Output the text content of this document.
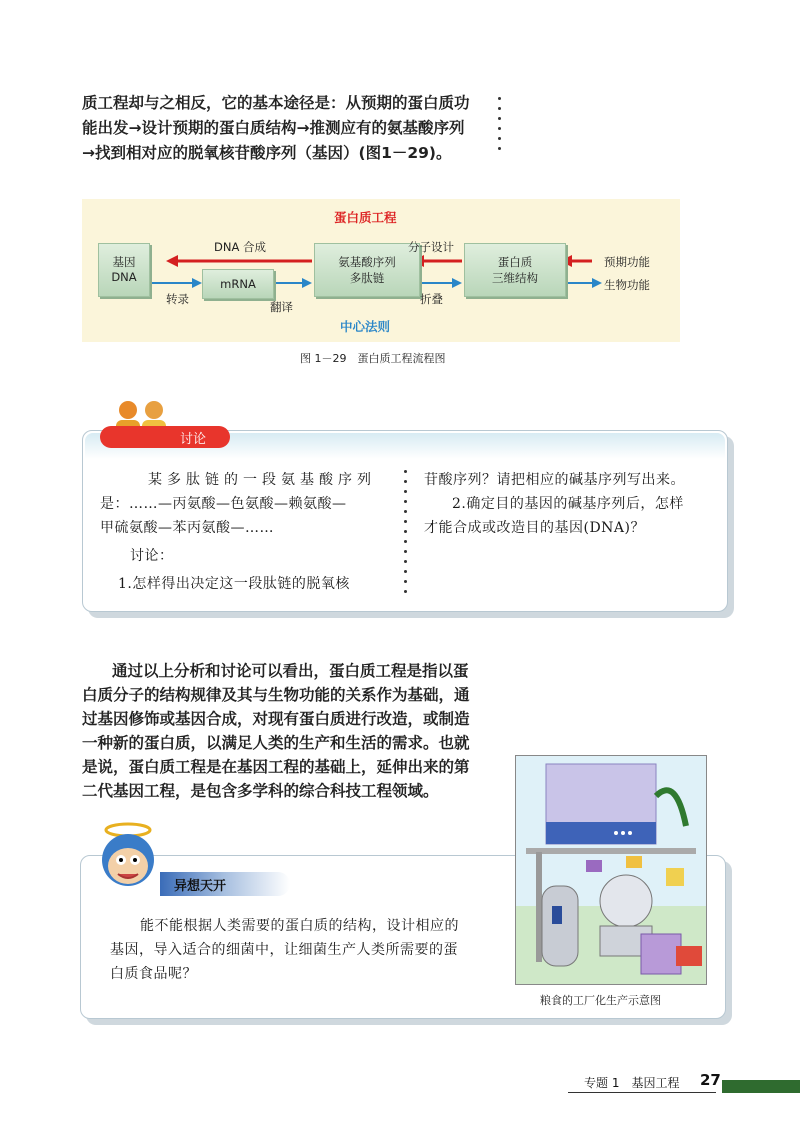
质工程却与之相反，它的基本途径是：从预期的蛋白质功
能出发→设计预期的蛋白质结构→推测应有的氨基酸序列
→找到相对应的脱氧核苷酸序列（基因）(图1－29)。
蛋白质工程
基因
DNA	mRNA
氨基酸序列
多肽链
蛋白质
三维结构
DNA 合成	分子设计
转录
翻译
折叠
预期功能
生物功能
中心法则
图 1－29　蛋白质工程流程图
讨论
某多肽链的一段氨基酸序列
是：……—丙氨酸—色氨酸—赖氨酸—
甲硫氨酸—苯丙氨酸—……
讨论：
1.怎样得出决定这一段肽链的脱氧核
苷酸序列？请把相应的碱基序列写出来。
2.确定目的基因的碱基序列后，怎样
才能合成或改造目的基因(DNA)？
通过以上分析和讨论可以看出，蛋白质工程是指以蛋
白质分子的结构规律及其与生物功能的关系作为基础，通
过基因修饰或基因合成，对现有蛋白质进行改造，或制造
一种新的蛋白质，以满足人类的生产和生活的需求。也就
是说，蛋白质工程是在基因工程的基础上，延伸出来的第
二代基因工程，是包含多学科的综合科技工程领域。
异想天开
能不能根据人类需要的蛋白质的结构，设计相应的
基因，导入适合的细菌中，让细菌生产人类所需要的蛋
白质食品呢？
粮食的工厂化生产示意图
专题 1　基因工程 27
